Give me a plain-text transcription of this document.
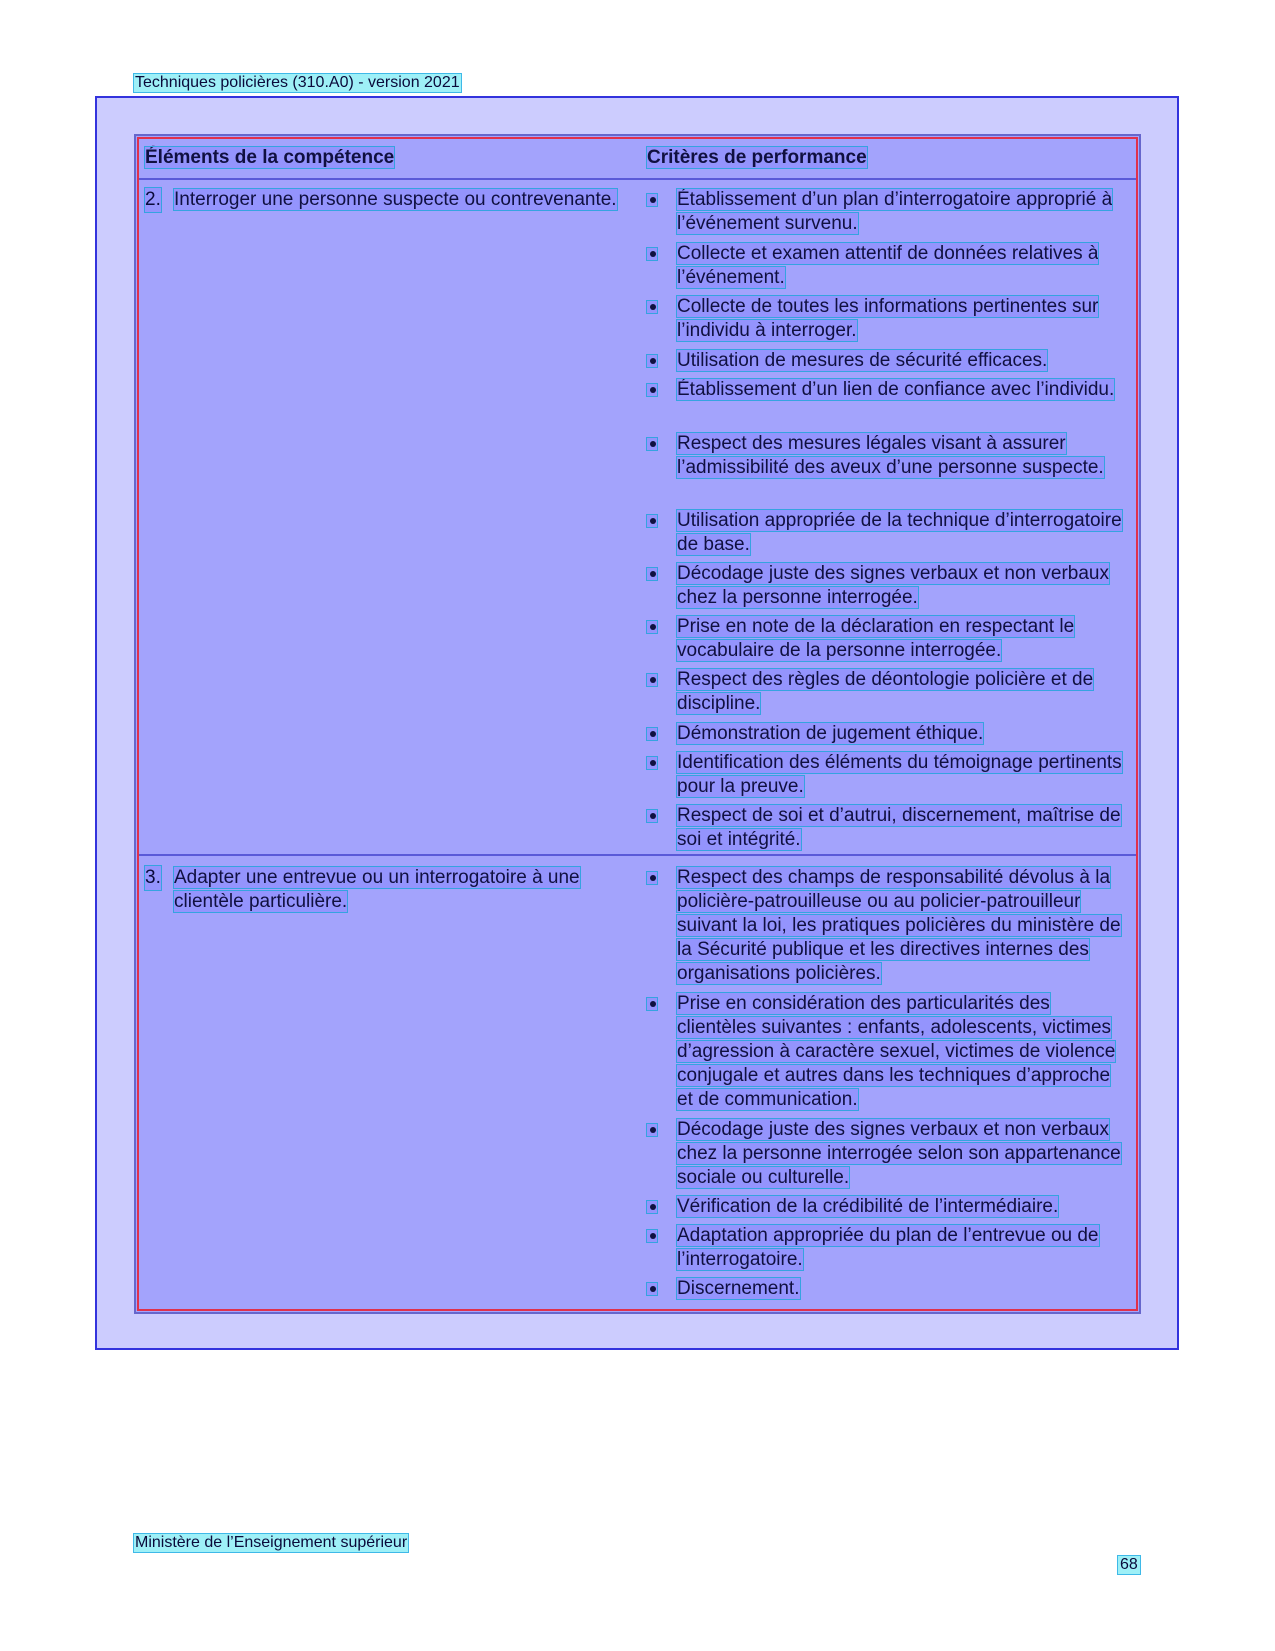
Techniques policières (310.A0) - version 2021
Éléments de la compétence	Critères de performance
2. Interroger une personne suspecte ou contrevenante.	Établissement d’un plan d’interrogatoire approprié à l’événement survenu.
Collecte et examen attentif de données relatives à l’événement.
Collecte de toutes les informations pertinentes sur l’individu à interroger.
Utilisation de mesures de sécurité efficaces.
Établissement d’un lien de confiance avec l’individu.
Respect des mesures légales visant à assurer l’admissibilité des aveux d’une personne suspecte.
Utilisation appropriée de la technique d’interrogatoire de base.
Décodage juste des signes verbaux et non verbaux chez la personne interrogée.
Prise en note de la déclaration en respectant le vocabulaire de la personne interrogée.
Respect des règles de déontologie policière et de discipline.
Démonstration de jugement éthique.
Identification des éléments du témoignage pertinents pour la preuve.
Respect de soi et d’autrui, discernement, maîtrise de soi et intégrité.
3. Adapter une entrevue ou un interrogatoire à une clientèle particulière.
Respect des champs de responsabilité dévolus à la policière-patrouilleuse ou au policier-patrouilleur suivant la loi, les pratiques policières du ministère de la Sécurité publique et les directives internes des organisations policières.
Prise en considération des particularités des clientèles suivantes : enfants, adolescents, victimes d’agression à caractère sexuel, victimes de violence conjugale et autres dans les techniques d’approche et de communication.
Décodage juste des signes verbaux et non verbaux chez la personne interrogée selon son appartenance sociale ou culturelle.
Vérification de la crédibilité de l’intermédiaire.
Adaptation appropriée du plan de l’entrevue ou de l’interrogatoire.
Discernement.
Ministère de l’Enseignement supérieur
68
